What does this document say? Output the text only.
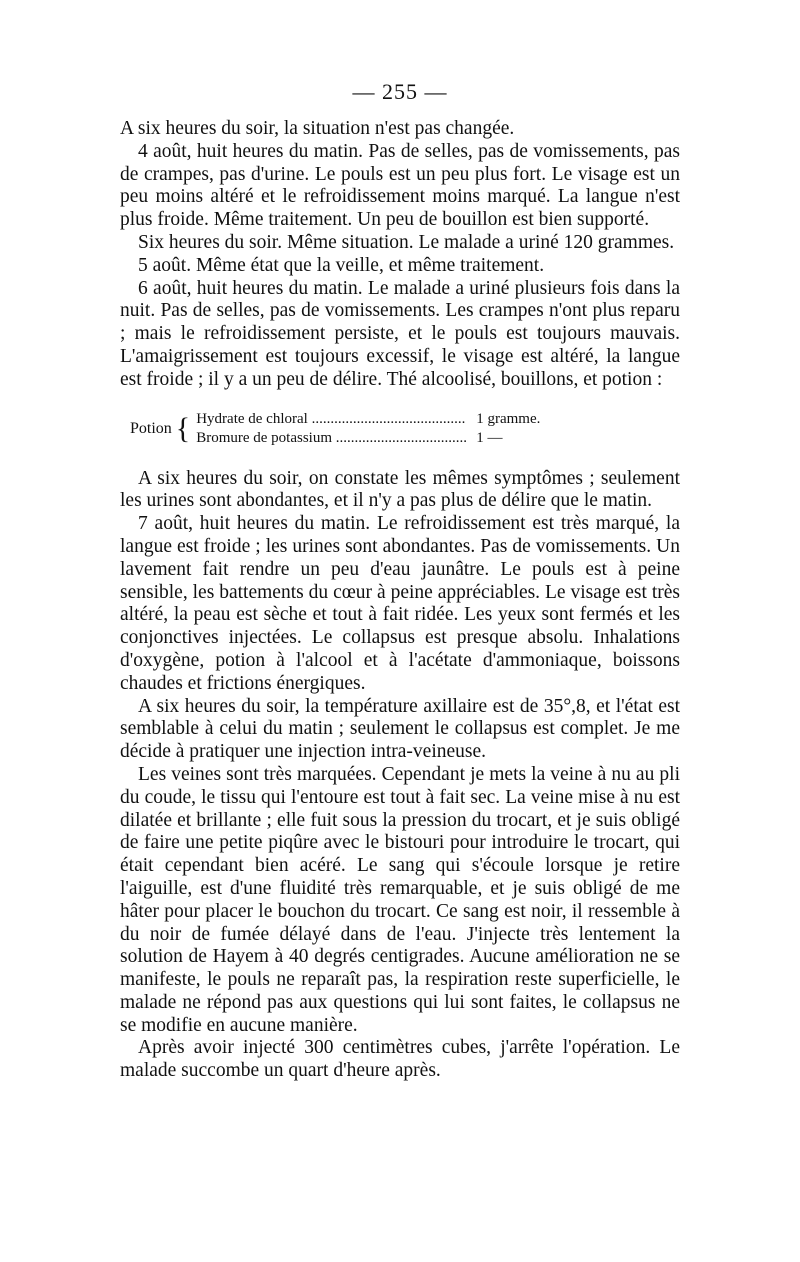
— 255 —

A six heures du soir, la situation n'est pas changée.

4 août, huit heures du matin. Pas de selles, pas de vomissements, pas de crampes, pas d'urine. Le pouls est un peu plus fort. Le visage est un peu moins altéré et le refroidissement moins marqué. La langue n'est plus froide. Même traitement. Un peu de bouillon est bien supporté.

Six heures du soir. Même situation. Le malade a uriné 120 grammes.

5 août. Même état que la veille, et même traitement.

6 août, huit heures du matin. Le malade a uriné plusieurs fois dans la nuit. Pas de selles, pas de vomissements. Les crampes n'ont plus reparu ; mais le refroidissement persiste, et le pouls est toujours mauvais. L'amaigrissement est toujours excessif, le visage est altéré, la langue est froide ; il y a un peu de délire. Thé alcoolisé, bouillons, et potion :

Potion { Hydrate de chloral .....	1 gramme.
Bromure de potassium .....	1 —

A six heures du soir, on constate les mêmes symptômes ; seulement les urines sont abondantes, et il n'y a pas plus de délire que le matin.

7 août, huit heures du matin. Le refroidissement est très marqué, la langue est froide ; les urines sont abondantes. Pas de vomissements. Un lavement fait rendre un peu d'eau jaunâtre. Le pouls est à peine sensible, les battements du cœur à peine appréciables. Le visage est très altéré, la peau est sèche et tout à fait ridée. Les yeux sont fermés et les conjonctives injectées. Le collapsus est presque absolu. Inhalations d'oxygène, potion à l'alcool et à l'acétate d'ammoniaque, boissons chaudes et frictions énergiques.

A six heures du soir, la température axillaire est de 35°,8, et l'état est semblable à celui du matin ; seulement le collapsus est complet. Je me décide à pratiquer une injection intra-veineuse.

Les veines sont très marquées. Cependant je mets la veine à nu au pli du coude, le tissu qui l'entoure est tout à fait sec. La veine mise à nu est dilatée et brillante ; elle fuit sous la pression du trocart, et je suis obligé de faire une petite piqûre avec le bistouri pour introduire le trocart, qui était cependant bien acéré. Le sang qui s'écoule lorsque je retire l'aiguille, est d'une fluidité très remarquable, et je suis obligé de me hâter pour placer le bouchon du trocart. Ce sang est noir, il ressemble à du noir de fumée délayé dans de l'eau. J'injecte très lentement la solution de Hayem à 40 degrés centigrades. Aucune amélioration ne se manifeste, le pouls ne reparaît pas, la respiration reste superficielle, le malade ne répond pas aux questions qui lui sont faites, le collapsus ne se modifie en aucune manière.

Après avoir injecté 300 centimètres cubes, j'arrête l'opération. Le malade succombe un quart d'heure après.
